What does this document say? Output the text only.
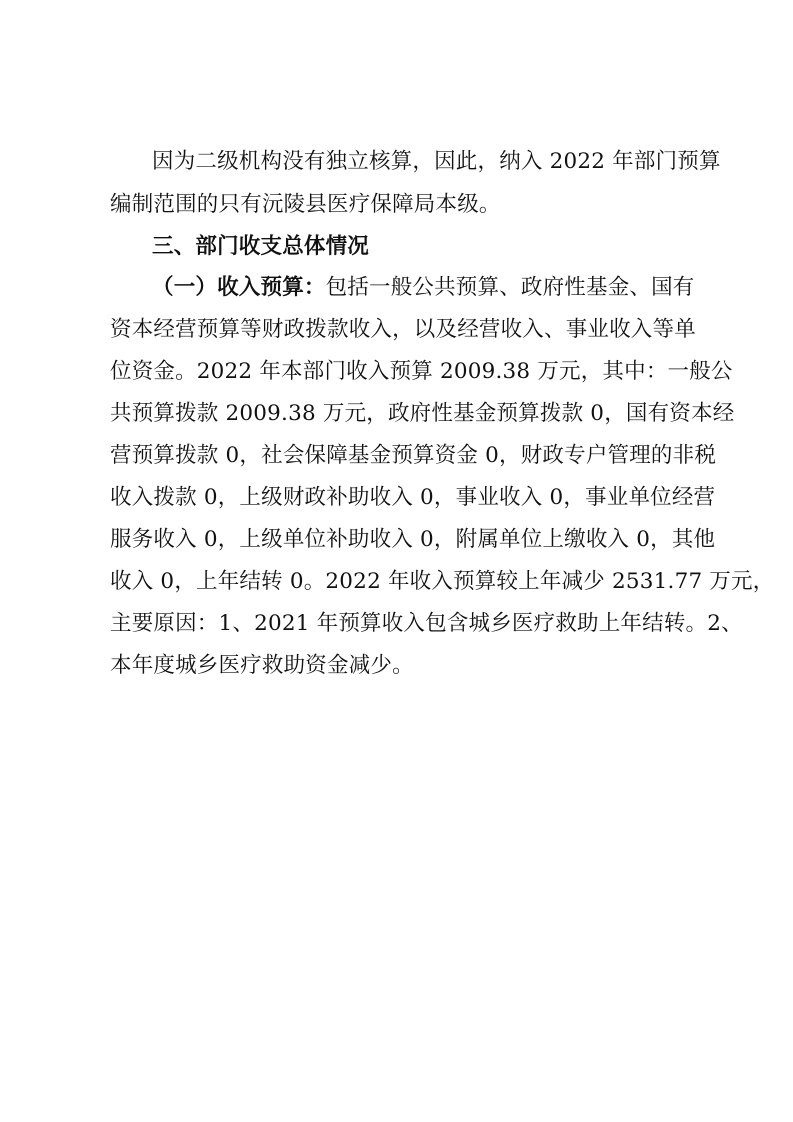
因为二级机构没有独立核算，因此，纳入 2022 年部门预算
编制范围的只有沅陵县医疗保障局本级。
三、部门收支总体情况
（一）收入预算：包括一般公共预算、政府性基金、国有
资本经营预算等财政拨款收入，以及经营收入、事业收入等单
位资金。2022 年本部门收入预算 2009.38 万元，其中：一般公
共预算拨款 2009.38 万元，政府性基金预算拨款 0，国有资本经
营预算拨款 0，社会保障基金预算资金 0，财政专户管理的非税
收入拨款 0，上级财政补助收入 0，事业收入 0，事业单位经营
服务收入 0，上级单位补助收入 0，附属单位上缴收入 0，其他
收入 0，上年结转 0。2022 年收入预算较上年减少 2531.77 万元，
主要原因：1、2021 年预算收入包含城乡医疗救助上年结转。2、
本年度城乡医疗救助资金减少。
